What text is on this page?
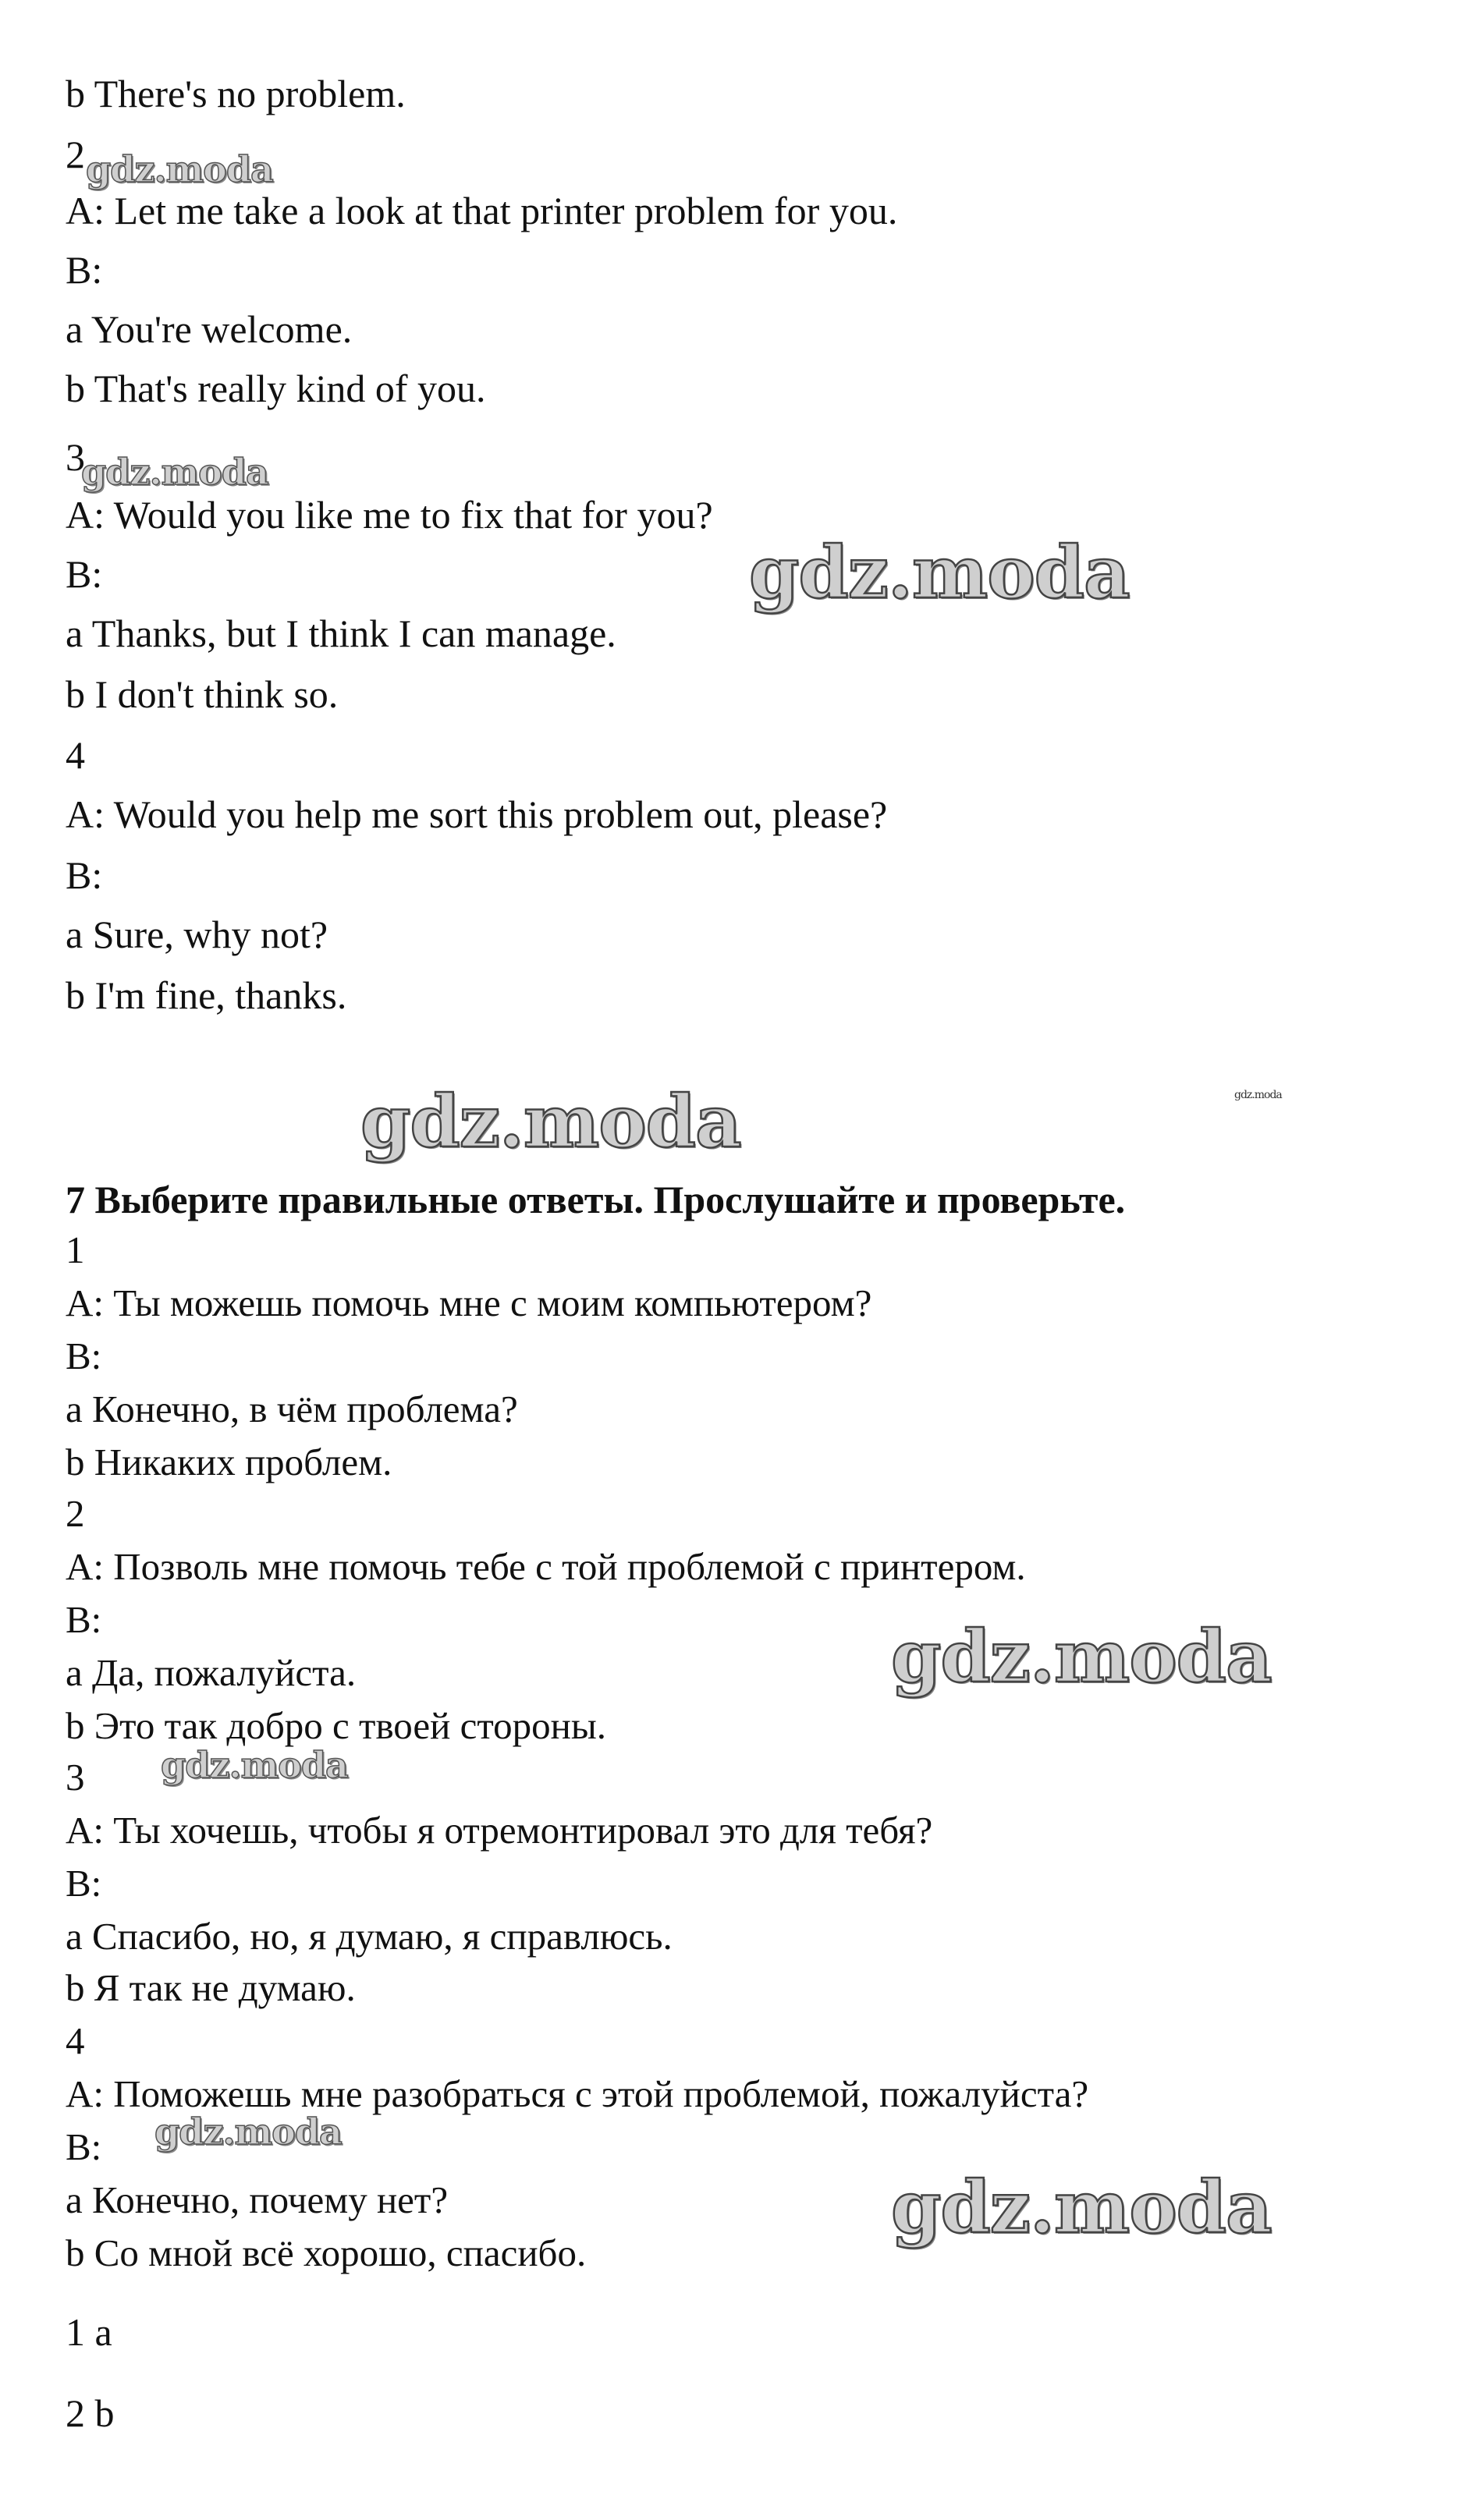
b There's no problem.
2
A: Let me take a look at that printer problem for you.
B:
a You're welcome.
b That's really kind of you.
3
A: Would you like me to fix that for you?
B:
a Thanks, but I think I can manage.
b I don't think so.
4
A: Would you help me sort this problem out, please?
B:
a Sure, why not?
b I'm fine, thanks.
7 Выберите правильные ответы. Прослушайте и проверьте.
1
A: Ты можешь помочь мне с моим компьютером?
B:
a Конечно, в чём проблема?
b Никаких проблем.
2
A: Позволь мне помочь тебе с той проблемой с принтером.
B:
a Да, пожалуйста.
b Это так добро с твоей стороны.
3
A: Ты хочешь, чтобы я отремонтировал это для тебя?
B:
a Спасибо, но, я думаю, я справлюсь.
b Я так не думаю.
4
A: Поможешь мне разобраться с этой проблемой, пожалуйста?
B:
a Конечно, почему нет?
b Со мной всё хорошо, спасибо.
1 a
2 b
gdz.moda
gdz.moda
gdz.moda
gdz.moda	gdz.moda
gdz.moda
gdz.moda
gdz.moda
gdz.moda
